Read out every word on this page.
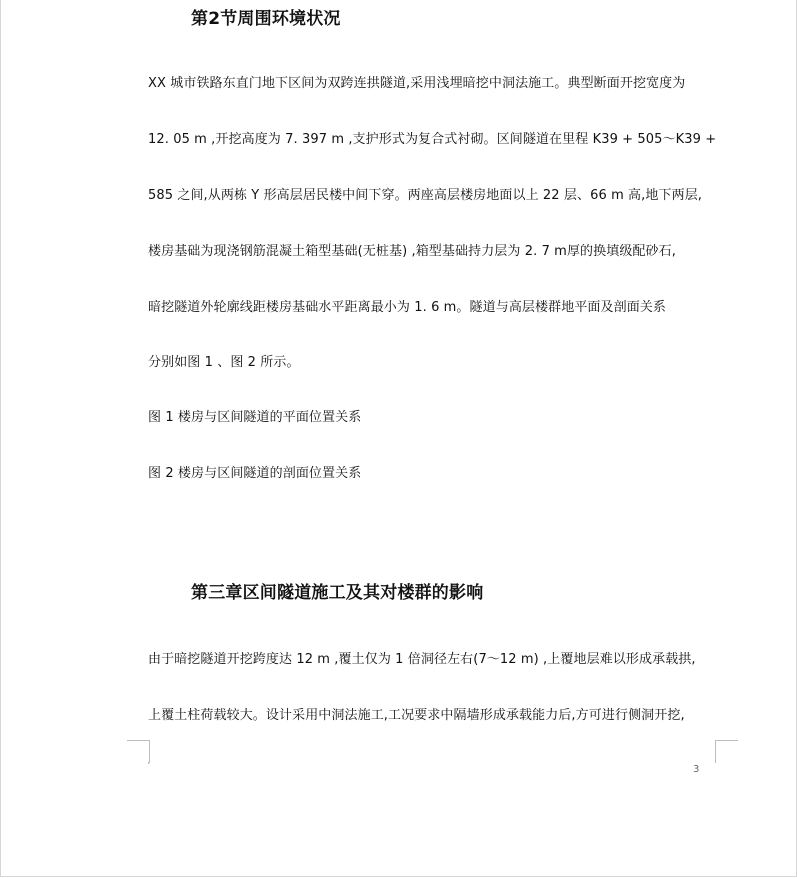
第2节周围环境状况
XX 城市铁路东直门地下区间为双跨连拱隧道,采用浅埋暗挖中洞法施工。典型断面开挖宽度为
12. 05 m ,开挖高度为 7. 397 m ,支护形式为复合式衬砌。区间隧道在里程 K39 + 505～K39 +
585 之间,从两栋 Y 形高层居民楼中间下穿。两座高层楼房地面以上 22 层、66 m 高,地下两层,
楼房基础为现浇钢筋混凝土箱型基础(无桩基) ,箱型基础持力层为 2. 7 m厚的换填级配砂石,
暗挖隧道外轮廓线距楼房基础水平距离最小为 1. 6 m。隧道与高层楼群地平面及剖面关系
分别如图 1 、图 2 所示。
图 1 楼房与区间隧道的平面位置关系
图 2 楼房与区间隧道的剖面位置关系
第三章区间隧道施工及其对楼群的影响
由于暗挖隧道开挖跨度达 12 m ,覆土仅为 1 倍洞径左右(7～12 m) ,上覆地层难以形成承载拱,
上覆土柱荷载较大。设计采用中洞法施工,工况要求中隔墙形成承载能力后,方可进行侧洞开挖,
3
